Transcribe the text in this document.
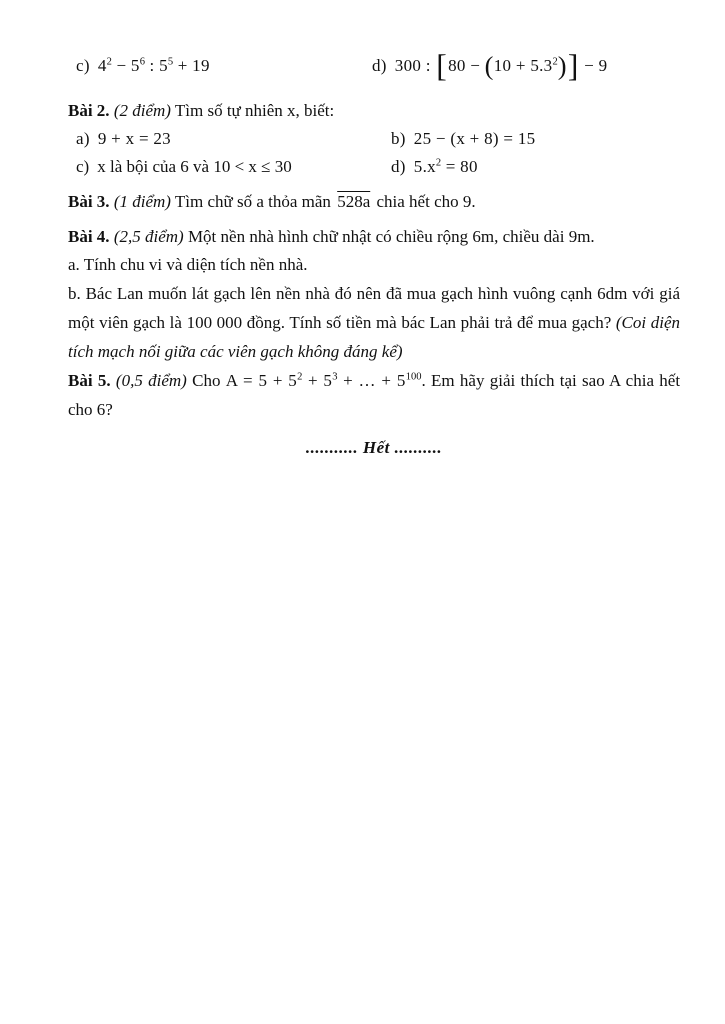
c) $4^2 - 5^6$ : $5^5 + 19$	d) 300 : $[80 - (10 + 5.3^2)] - 9$

Bài 2. (2 điểm) Tìm số tự nhiên x, biết:

a) 9 + x = 23	b) 25 − (x + 8) = 15
c) x là bội của 6 và 10 < x ≤ 30	d) $5.x^2 = 80$

Bài 3. (1 điểm) Tìm chữ số a thỏa mãn 528a chia hết cho 9.

Bài 4. (2,5 điểm) Một nền nhà hình chữ nhật có chiều rộng 6m, chiều dài 9m.

a. Tính chu vi và diện tích nền nhà.

b. Bác Lan muốn lát gạch lên nền nhà đó nên đã mua gạch hình vuông cạnh 6dm với giá một viên gạch là 100 000 đồng. Tính số tiền mà bác Lan phải trả để mua gạch? (Coi diện tích mạch nối giữa các viên gạch không đáng kể)

Bài 5. (0,5 điểm) Cho $A = 5 + 5^2 + 5^3$ + … + $5^{100}$. Em hãy giải thích tại sao A chia hết cho 6?

........... Hết ..........
